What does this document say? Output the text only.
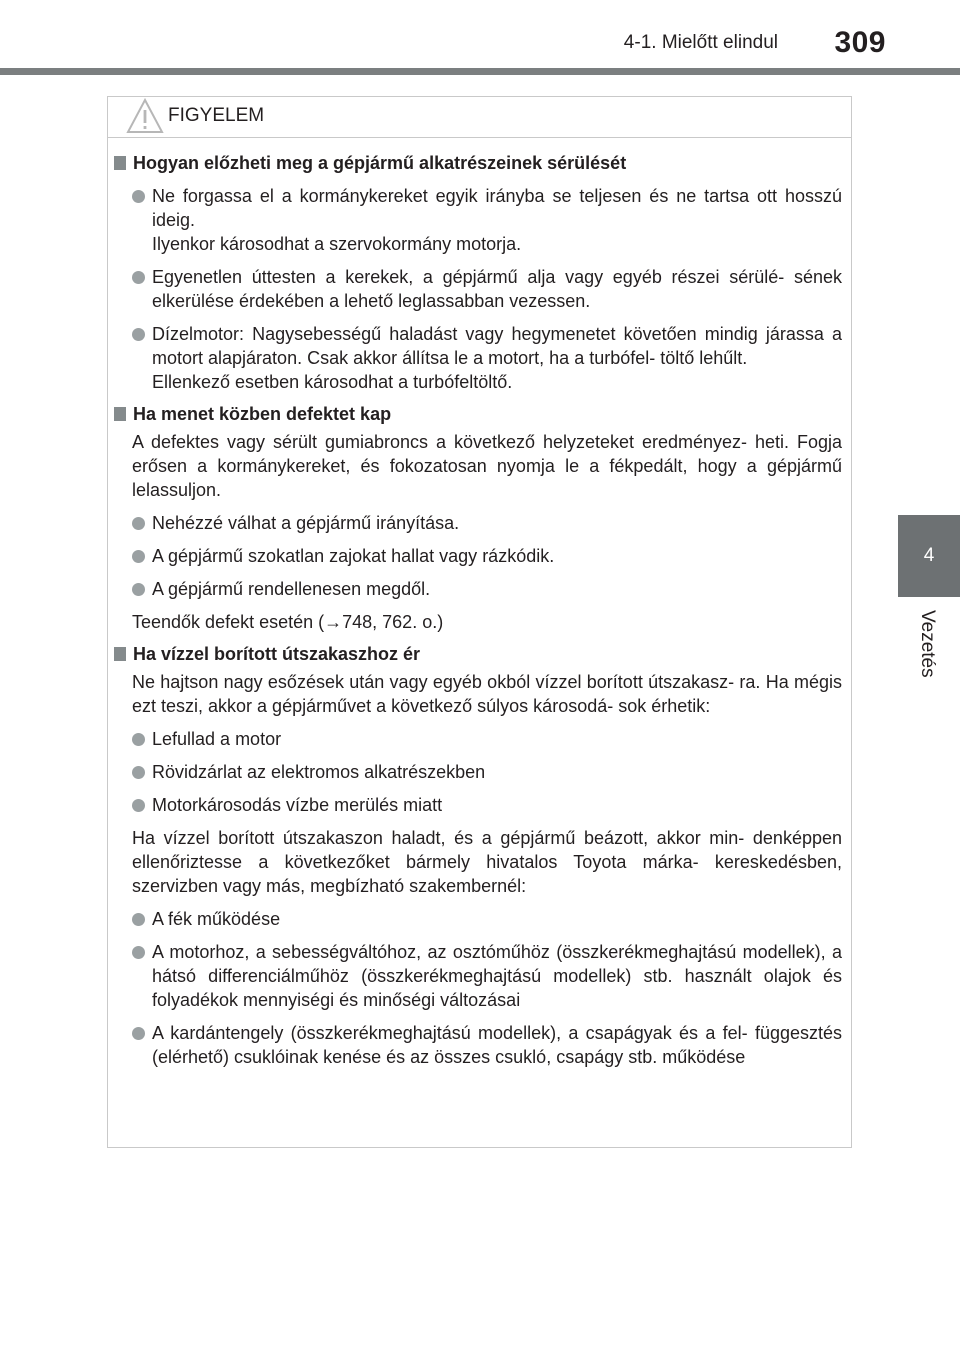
4-1. Mielőtt elindul	309
4
Vezetés
FIGYELEM
Hogyan előzheti meg a gépjármű alkatrészeinek sérülését
Ne forgassa el a kormánykereket egyik irányba se teljesen és ne tartsa ott hosszú ideig.
Ilyenkor károsodhat a szervokormány motorja.
Egyenetlen úttesten a kerekek, a gépjármű alja vagy egyéb részei sérülé- sének elkerülése érdekében a lehető leglassabban vezessen.
Dízelmotor: Nagysebességű haladást vagy hegymenetet követően mindig járassa a motort alapjáraton. Csak akkor állítsa le a motort, ha a turbófel- töltő lehűlt.
Ellenkező esetben károsodhat a turbófeltöltő.
Ha menet közben defektet kap
A defektes vagy sérült gumiabroncs a következő helyzeteket eredményez- heti. Fogja erősen a kormánykereket, és fokozatosan nyomja le a fékpedált, hogy a gépjármű lelassuljon.
Nehézzé válhat a gépjármű irányítása.
A gépjármű szokatlan zajokat hallat vagy rázkódik.
A gépjármű rendellenesen megdől.
Teendők defekt esetén (→748, 762. o.)
Ha vízzel borított útszakaszhoz ér
Ne hajtson nagy esőzések után vagy egyéb okból vízzel borított útszakasz- ra. Ha mégis ezt teszi, akkor a gépjárművet a következő súlyos károsodá- sok érhetik:
Lefullad a motor
Rövidzárlat az elektromos alkatrészekben
Motorkárosodás vízbe merülés miatt
Ha vízzel borított útszakaszon haladt, és a gépjármű beázott, akkor min- denképpen ellenőriztesse a következőket bármely hivatalos Toyota márka- kereskedésben, szervizben vagy más, megbízható szakembernél:
A fék működése
A motorhoz, a sebességváltóhoz, az osztóműhöz (összkerékmeghajtású modellek), a hátsó differenciálműhöz (összkerékmeghajtású modellek) stb. használt olajok és folyadékok mennyiségi és minőségi változásai
A kardántengely (összkerékmeghajtású modellek), a csapágyak és a fel- függesztés (elérhető) csuklóinak kenése és az összes csukló, csapágy stb. működése
